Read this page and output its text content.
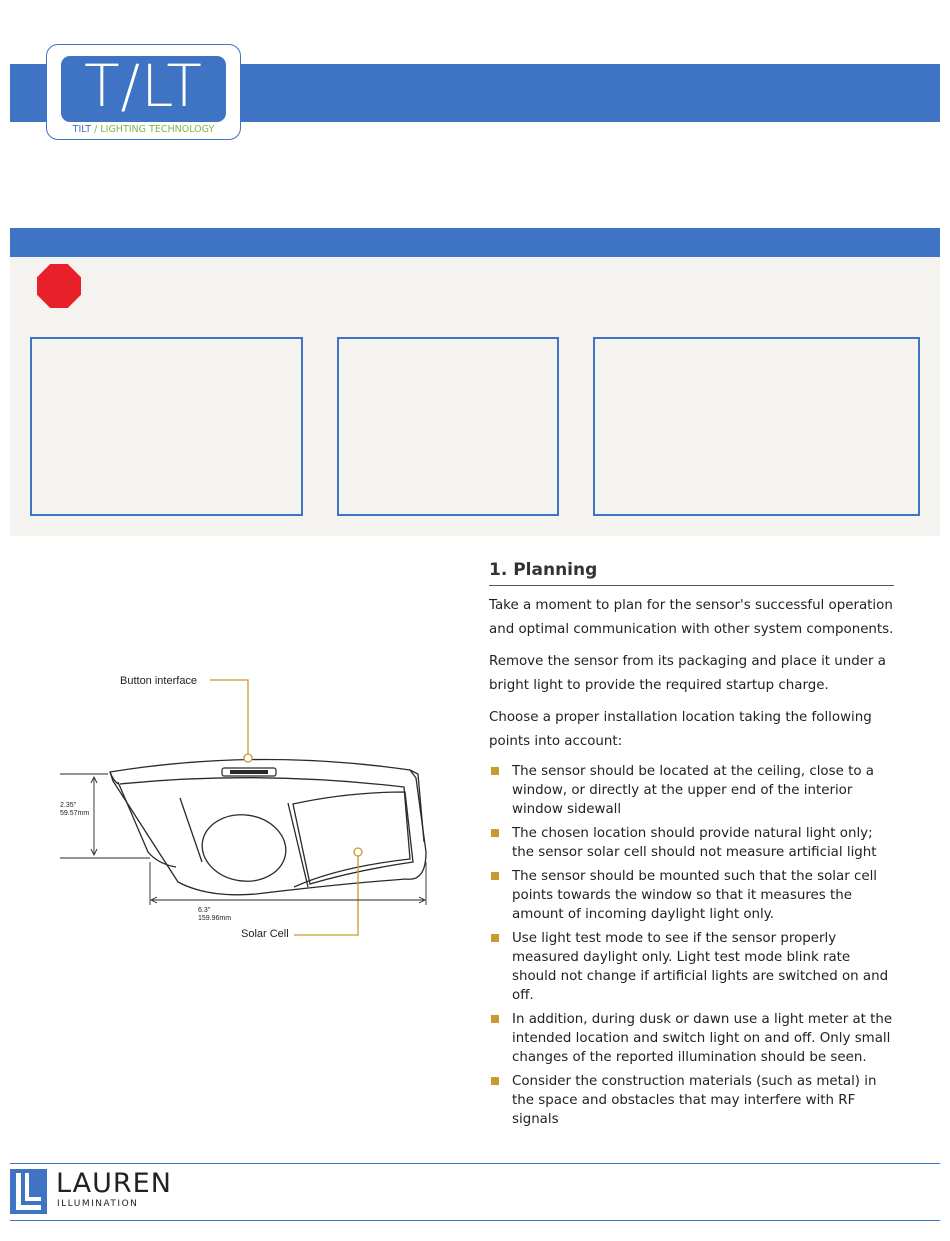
T/LT
TILT / LIGHTING TECHNOLOGY
Button interface
Solar Cell
2.35"
59.57mm
6.3"
159.96mm
1. Planning

Take a moment to plan for the sensor's successful operation and optimal communication with other system components.

Remove the sensor from its packaging and place it under a bright light to provide the required startup charge.

Choose a proper installation location taking the following points into account:

The sensor should be located at the ceiling, close to a window, or directly at the upper end of the interior window sidewall
The chosen location should provide natural light only; the sensor solar cell should not measure artificial light
The sensor should be mounted such that the solar cell points towards the window so that it measures the amount of incoming daylight light only.
Use light test mode to see if the sensor properly measured daylight only. Light test mode blink rate should not change if artificial lights are switched on and off.
In addition, during dusk or dawn use a light meter at the intended location and switch light on and off. Only small changes of the reported illumination should be seen.
Consider the construction materials (such as metal) in the space and obstacles that may interfere with RF signals
LAUREN
ILLUMINATION
